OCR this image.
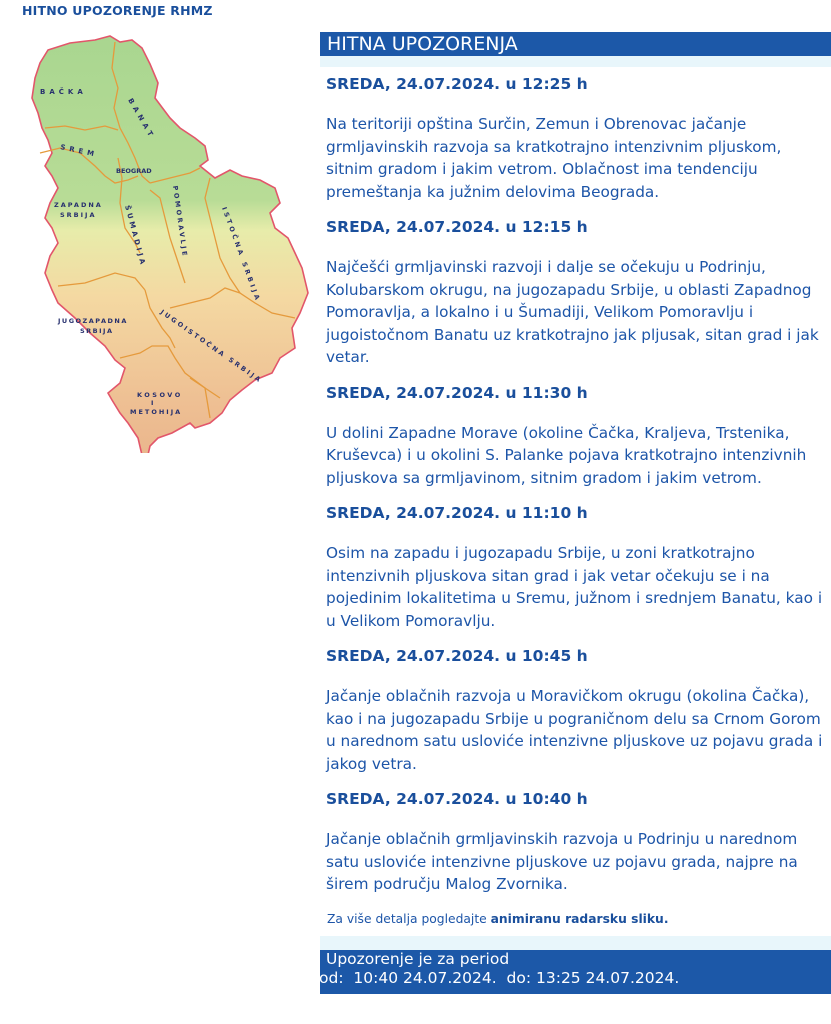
HITNO UPOZORENJE RHMZ
BAČKA
BANAT
SREM
BEOGRAD
ZAPADNA
SRBIJA	ŠUMADIJA	POMORAVLJE	ISTOČNA SRBIJA
JUGOZAPADNA
SRBIJA	JUGOISTOČNA SRBIJA
KOSOVO
I
METOHIJA
HITNA UPOZORENJA
SREDA, 24.07.2024. u 12:25 h
Na teritoriji opština Surčin, Zemun i Obrenovac jačanje grmljavinskih razvoja sa kratkotrajno intenzivnim pljuskom, sitnim gradom i jakim vetrom. Oblačnost ima tendenciju premeštanja ka južnim delovima Beograda.
SREDA, 24.07.2024. u 12:15 h
Najčešći grmljavinski razvoji i dalje se očekuju u Podrinju, Kolubarskom okrugu, na jugozapadu Srbije, u oblasti Zapadnog Pomoravlja, a lokalno i u Šumadiji, Velikom Pomoravlju i jugoistočnom Banatu uz kratkotrajno jak pljusak, sitan grad i jak vetar.
SREDA, 24.07.2024. u 11:30 h
U dolini Zapadne Morave (okoline Čačka, Kraljeva, Trstenika, Kruševca) i u okolini S. Palanke pojava kratkotrajno intenzivnih pljuskova sa grmljavinom, sitnim gradom i jakim vetrom.
SREDA, 24.07.2024. u 11:10 h
Osim na zapadu i jugozapadu Srbije, u zoni kratkotrajno intenzivnih pljuskova sitan grad i jak vetar očekuju se i na pojedinim lokalitetima u Sremu, južnom i srednjem Banatu, kao i u Velikom Pomoravlju.
SREDA, 24.07.2024. u 10:45 h
Jačanje oblačnih razvoja u Moravičkom okrugu (okolina Čačka), kao i na jugozapadu Srbije u pograničnom delu sa Crnom Gorom u narednom satu usloviće intenzivne pljuskove uz pojavu grada i jakog vetra.
SREDA, 24.07.2024. u 10:40 h
Jačanje oblačnih grmljavinskih razvoja u Podrinju u narednom satu usloviće intenzivne pljuskove uz pojavu grada, najpre na širem području Malog Zvornika.
Za više detalja pogledajte animiranu radarsku sliku.
Upozorenje je za period
od:  10:40 24.07.2024.  do: 13:25 24.07.2024.
